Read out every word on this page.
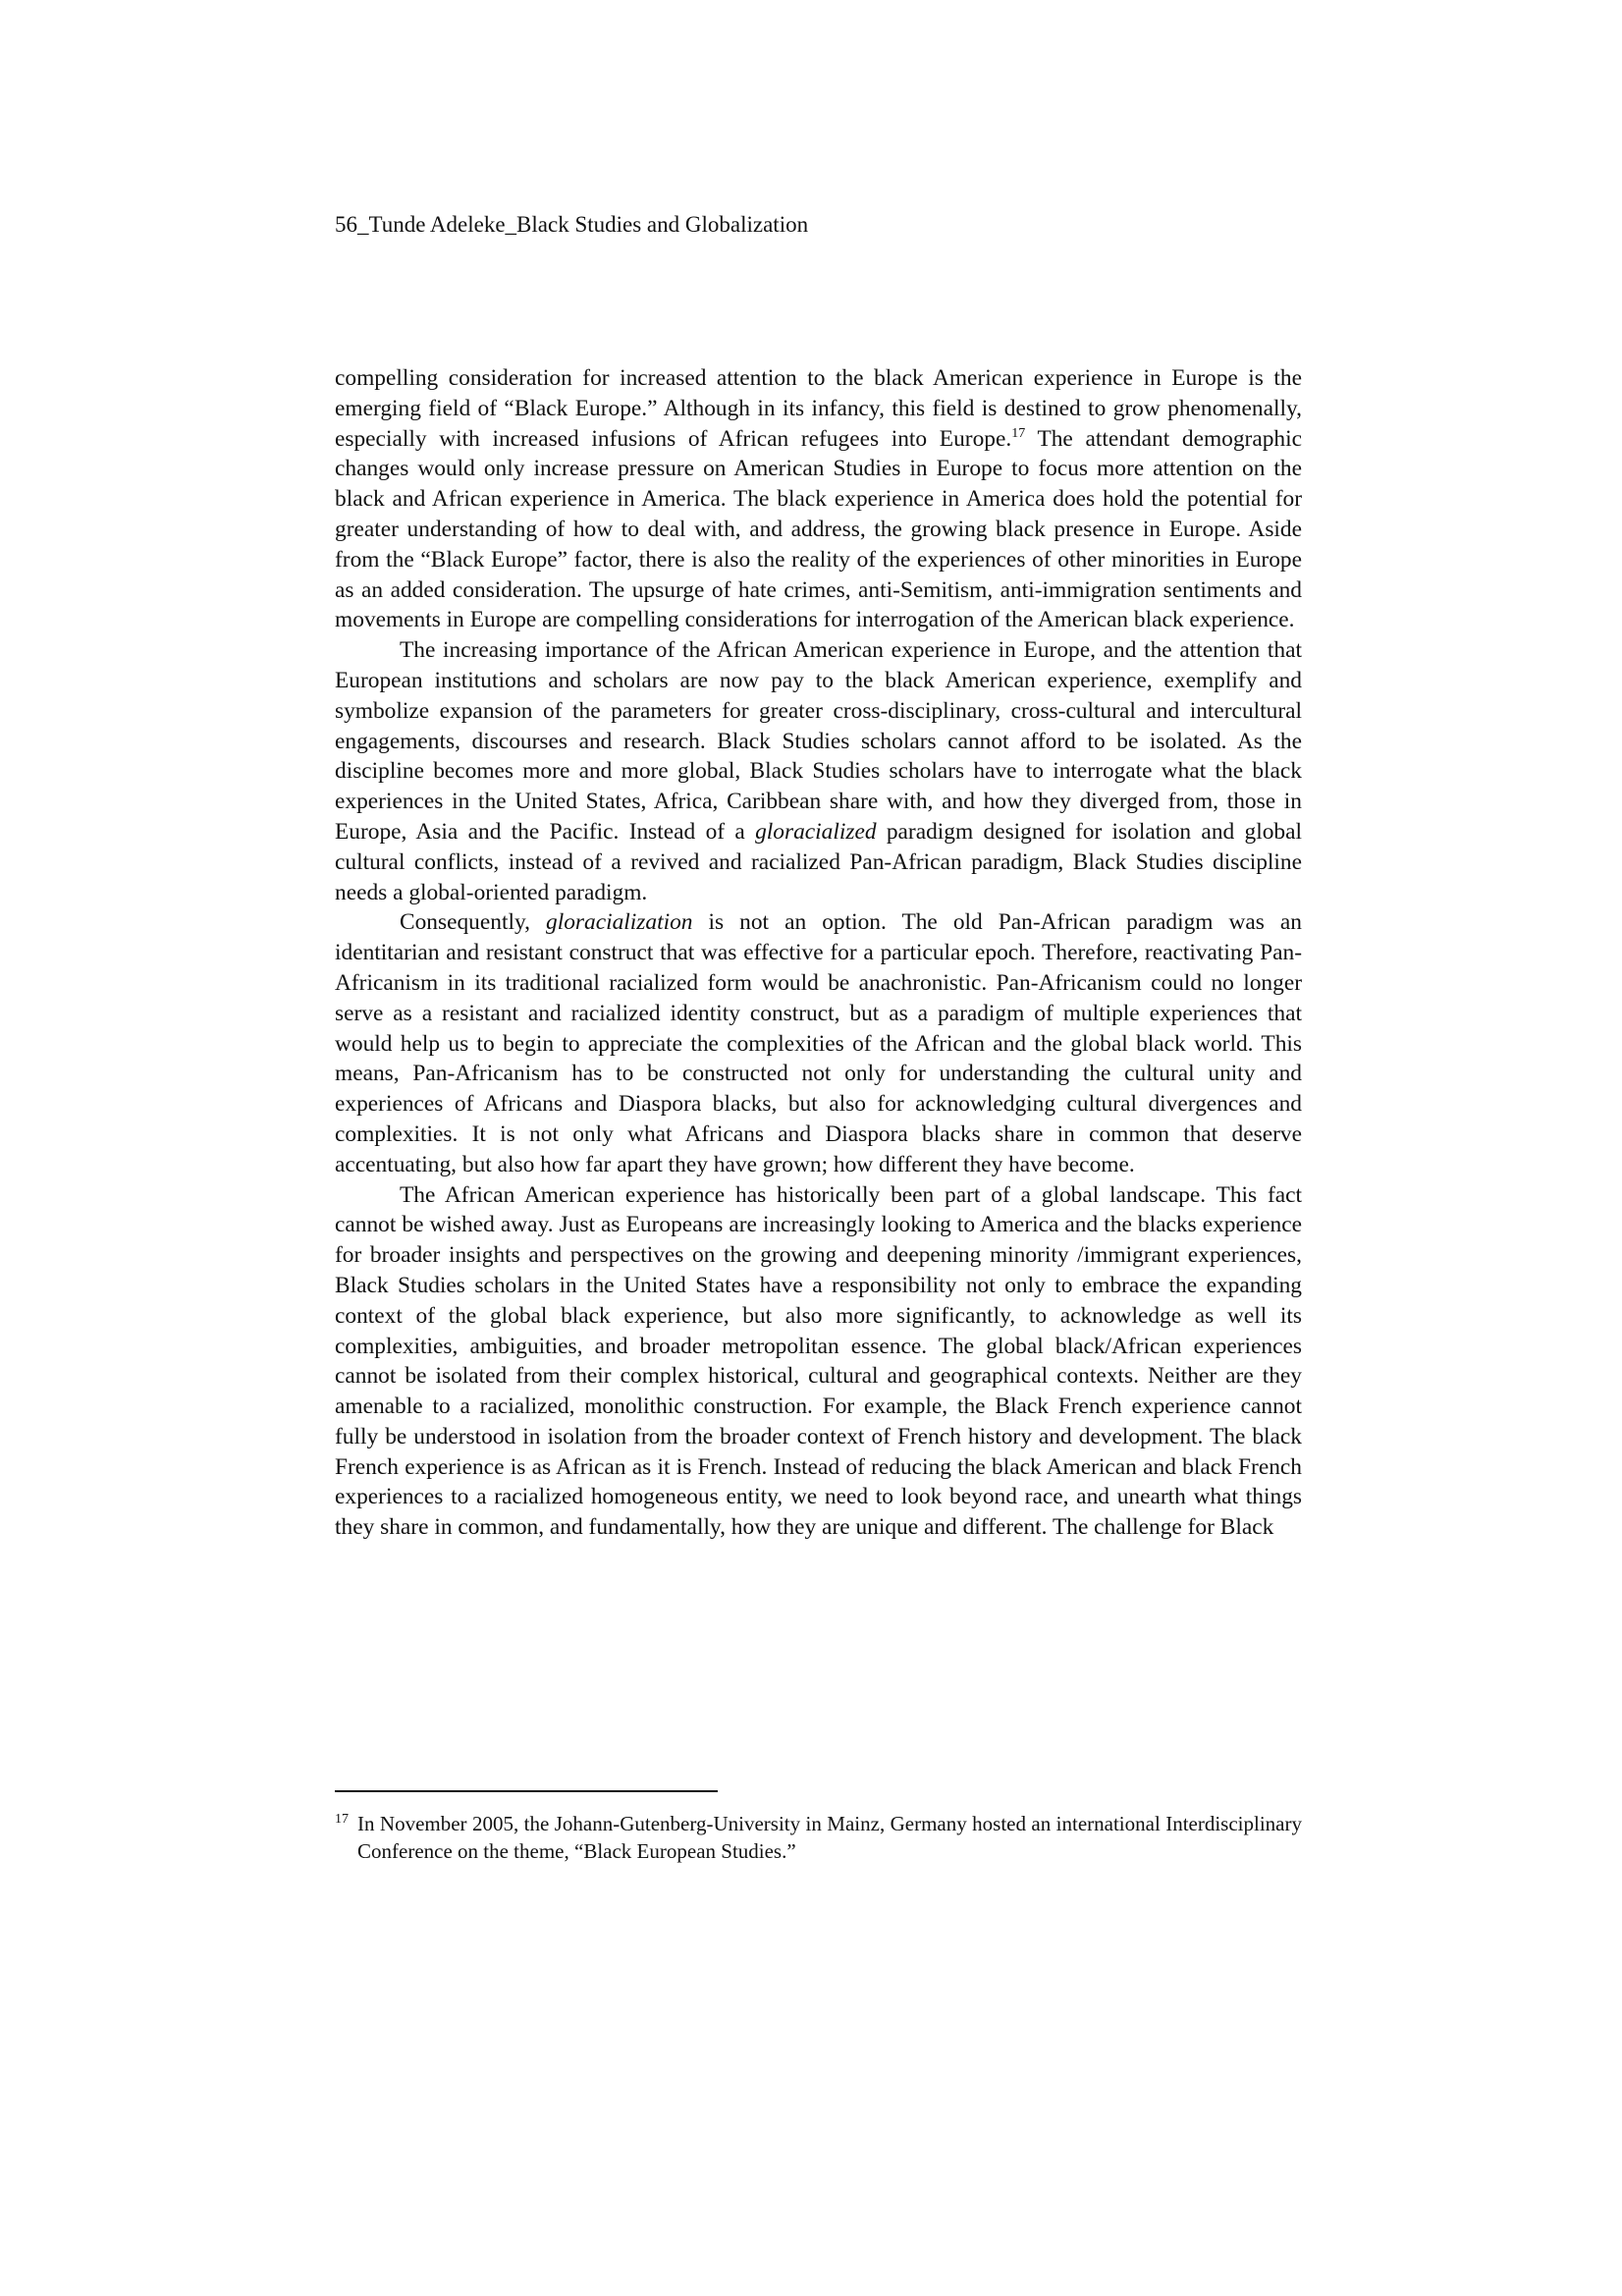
56_Tunde Adeleke_Black Studies and Globalization

compelling consideration for increased attention to the black American experience in Europe is the emerging field of “Black Europe.” Although in its infancy, this field is destined to grow phenomenally, especially with increased infusions of African refugees into Europe.$^{17}$ The attendant demographic changes would only increase pressure on American Studies in Europe to focus more attention on the black and African experience in America. The black experience in America does hold the potential for greater understanding of how to deal with, and address, the growing black presence in Europe. Aside from the “Black Europe” factor, there is also the reality of the experiences of other minorities in Europe as an added consideration. The upsurge of hate crimes, anti-Semitism, anti-immigration sentiments and movements in Europe are compelling considerations for interrogation of the American black experience.

The increasing importance of the African American experience in Europe, and the attention that European institutions and scholars are now pay to the black American experience, exemplify and symbolize expansion of the parameters for greater cross-disciplinary, cross-cultural and intercultural engagements, discourses and research. Black Studies scholars cannot afford to be isolated. As the discipline becomes more and more global, Black Studies scholars have to interrogate what the black experiences in the United States, Africa, Caribbean share with, and how they diverged from, those in Europe, Asia and the Pacific. Instead of a gloracialized paradigm designed for isolation and global cultural conflicts, instead of a revived and racialized Pan-African paradigm, Black Studies discipline needs a global-oriented paradigm.

Consequently, gloracialization is not an option. The old Pan-African paradigm was an identitarian and resistant construct that was effective for a particular epoch. Therefore, reactivating Pan-Africanism in its traditional racialized form would be anachronistic. Pan-Africanism could no longer serve as a resistant and racialized identity construct, but as a paradigm of multiple experiences that would help us to begin to appreciate the complexities of the African and the global black world. This means, Pan-Africanism has to be constructed not only for understanding the cultural unity and experiences of Africans and Diaspora blacks, but also for acknowledging cultural divergences and complexities. It is not only what Africans and Diaspora blacks share in common that deserve accentuating, but also how far apart they have grown; how different they have become.

The African American experience has historically been part of a global landscape. This fact cannot be wished away. Just as Europeans are increasingly looking to America and the blacks experience for broader insights and perspectives on the growing and deepening minority /immigrant experiences, Black Studies scholars in the United States have a responsibility not only to embrace the expanding context of the global black experience, but also more significantly, to acknowledge as well its complexities, ambiguities, and broader metropolitan essence. The global black/African experiences cannot be isolated from their complex historical, cultural and geographical contexts. Neither are they amenable to a racialized, monolithic construction. For example, the Black French experience cannot fully be understood in isolation from the broader context of French history and development. The black French experience is as African as it is French. Instead of reducing the black American and black French experiences to a racialized homogeneous entity, we need to look beyond race, and unearth what things they share in common, and fundamentally, how they are unique and different. The challenge for Black

$^{17}$ In November 2005, the Johann-Gutenberg-University in Mainz, Germany hosted an international Interdisciplinary Conference on the theme, “Black European Studies.”
